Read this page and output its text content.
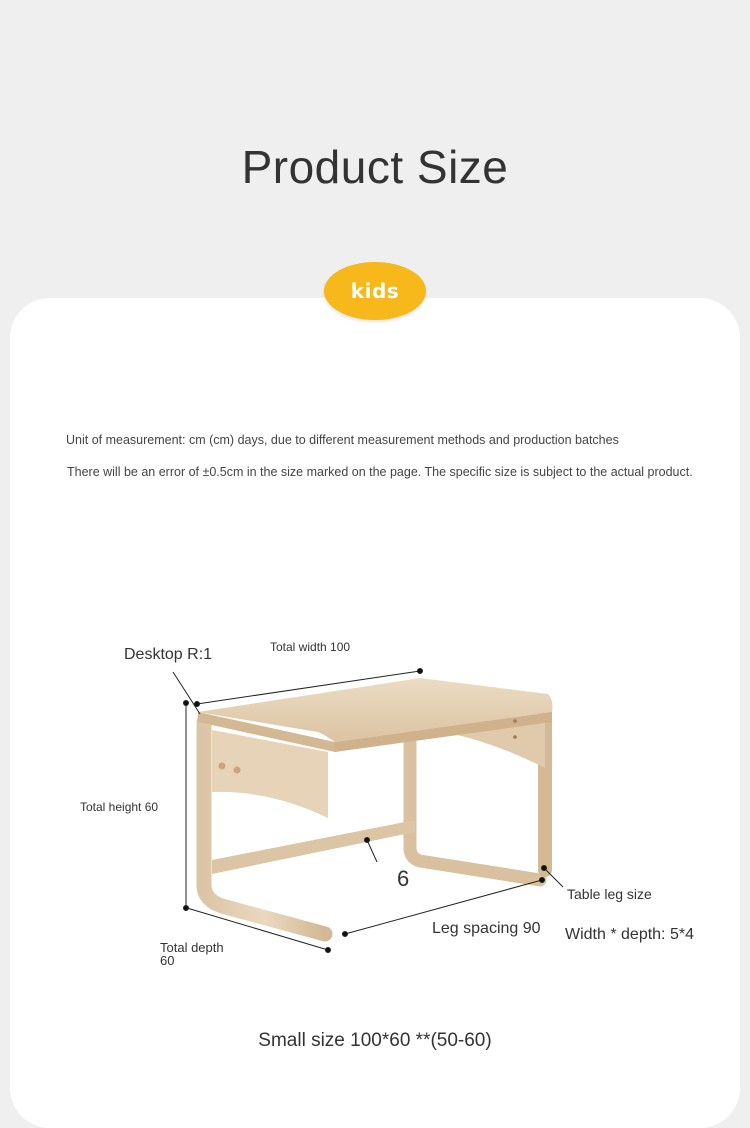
Product Size
kids
Unit of measurement: cm (cm) days, due to different measurement methods and production batches
There will be an error of ±0.5cm in the size marked on the page. The specific size is subject to the actual product.
Desktop R:1	Total width 100
Total height 60
Total depth 60
6
Leg spacing 90
Table leg size
Width * depth: 5*4
Small size 100*60 **(50-60)
